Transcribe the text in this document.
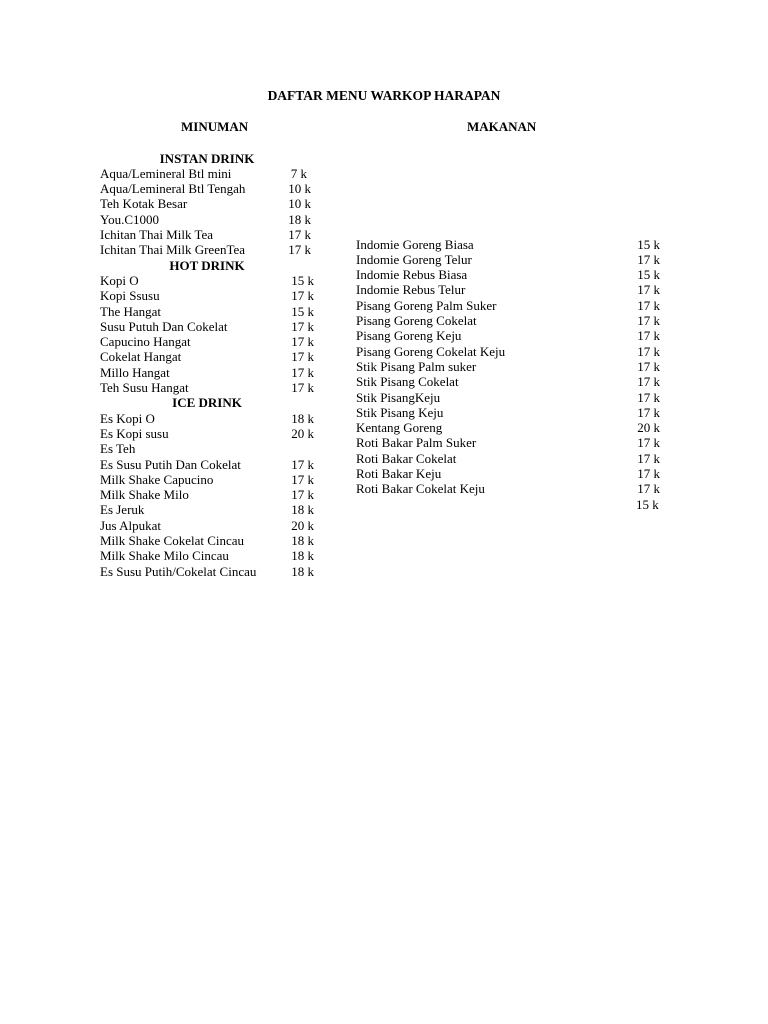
DAFTAR MENU WARKOP HARAPAN
MINUMAN	MAKANAN
INSTAN DRINK
Aqua/Lemineral Btl mini	7 k
Aqua/Lemineral Btl Tengah	10 k
Teh Kotak Besar	10 k
You.C1000	18 k
Ichitan Thai Milk Tea	17 k
Ichitan Thai Milk GreenTea	17 k
HOT DRINK
Kopi O	15 k
Kopi Ssusu	17 k
The Hangat	15 k
Susu Putuh Dan Cokelat	17 k
Capucino Hangat	17 k
Cokelat Hangat	17 k
Millo Hangat	17 k
Teh Susu Hangat	17 k
ICE DRINK
Es Kopi O	18 k
Es Kopi susu	20 k
Es Teh
Es Susu Putih Dan Cokelat	17 k
Milk Shake Capucino	17 k
Milk Shake Milo	17 k
Es Jeruk	18 k
Jus Alpukat	20 k
Milk Shake Cokelat Cincau	18 k
Milk Shake Milo Cincau	18 k
Es Susu Putih/Cokelat Cincau	18 k
Indomie Goreng Biasa	15 k
Indomie Goreng Telur	17 k
Indomie Rebus Biasa	15 k
Indomie Rebus Telur	17 k
Pisang Goreng Palm Suker	17 k
Pisang Goreng Cokelat	17 k
Pisang Goreng Keju	17 k
Pisang Goreng Cokelat Keju	17 k
Stik Pisang Palm suker	17 k
Stik Pisang Cokelat	17 k
Stik PisangKeju	17 k
Stik Pisang Keju	17 k
Kentang Goreng	20 k
Roti Bakar Palm Suker	17 k
Roti Bakar Cokelat	17 k
Roti Bakar Keju	17 k
Roti Bakar Cokelat Keju	17 k
15 k
